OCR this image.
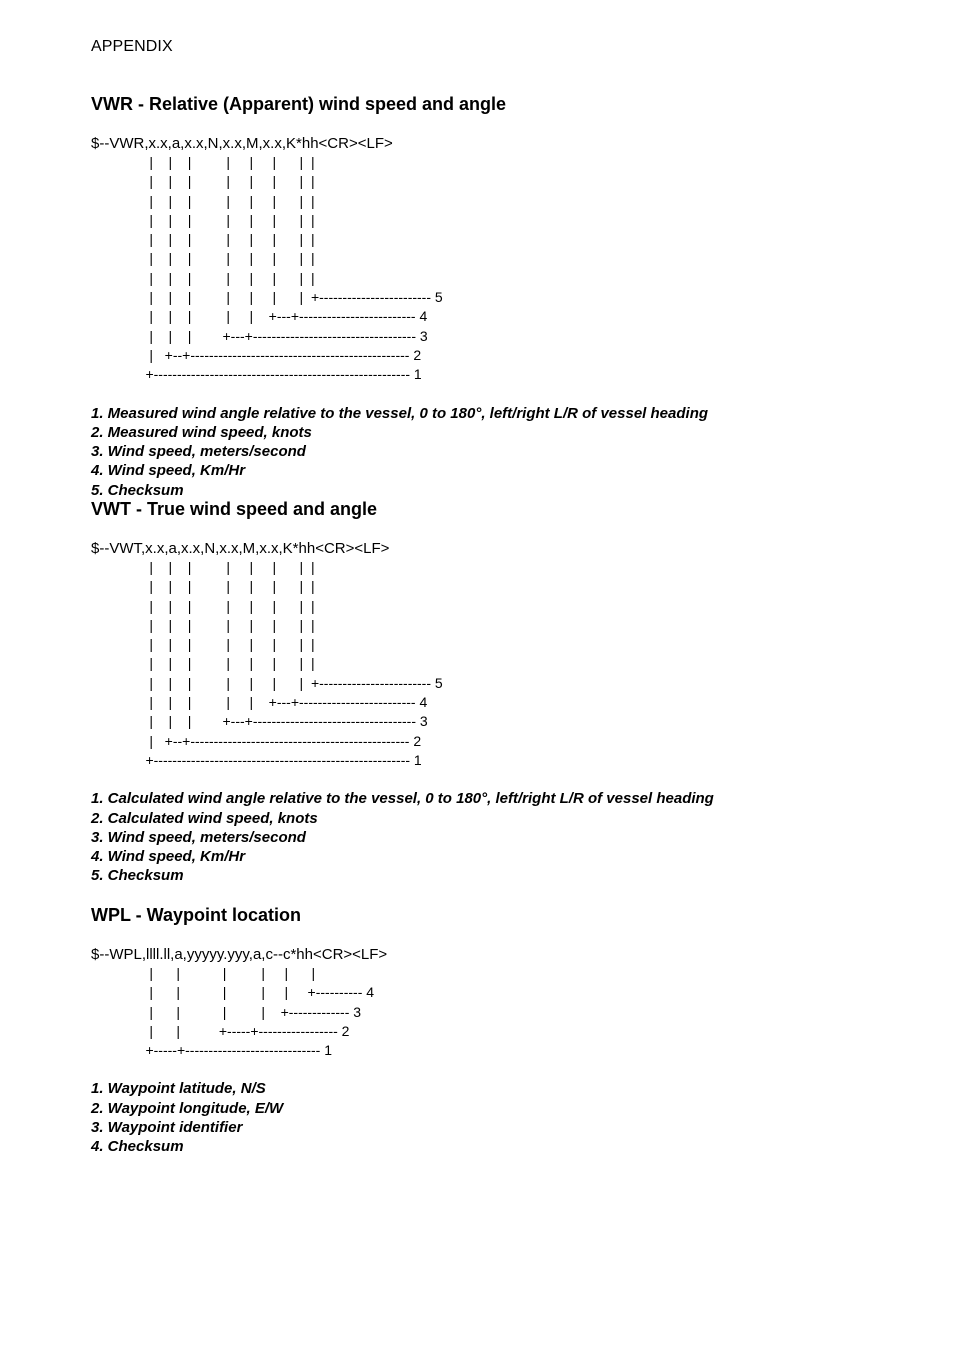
APPENDIX
VWR - Relative (Apparent) wind speed and angle
$--VWR,x.x,a,x.x,N,x.x,M,x.x,K*hh<CR><LF>
|    |    |         |     |     |      |  |
|    |    |         |     |     |      |  |
|    |    |         |     |     |      |  |
|    |    |         |     |     |      |  |
|    |    |         |     |     |      |  |
|    |    |         |     |     |      |  |
|    |    |         |     |     |      |  |
|    |    |         |     |     |      |  +------------------------ 5
|    |    |         |     |    +---+------------------------- 4
|    |    |        +---+----------------------------------- 3
|   +--+----------------------------------------------- 2
+------------------------------------------------------- 1
1. Measured wind angle relative to the vessel, 0 to 180°, left/right L/R of vessel heading
2. Measured wind speed, knots
3. Wind speed, meters/second
4. Wind speed, Km/Hr
5. Checksum
VWT - True wind speed and angle
$--VWT,x.x,a,x.x,N,x.x,M,x.x,K*hh<CR><LF>
|    |    |         |     |     |      |  |
|    |    |         |     |     |      |  |
|    |    |         |     |     |      |  |
|    |    |         |     |     |      |  |
|    |    |         |     |     |      |  |
|    |    |         |     |     |      |  |
|    |    |         |     |     |      |  +------------------------ 5
|    |    |         |     |    +---+------------------------- 4
|    |    |        +---+----------------------------------- 3
|   +--+----------------------------------------------- 2
+------------------------------------------------------- 1
1. Calculated wind angle relative to the vessel, 0 to 180°, left/right L/R of vessel heading
2. Calculated wind speed, knots
3. Wind speed, meters/second
4. Wind speed, Km/Hr
5. Checksum
WPL - Waypoint location
$--WPL,llll.ll,a,yyyyy.yyy,a,c--c*hh<CR><LF>
|      |           |         |     |      |
|      |           |         |     |     +---------- 4
|      |           |         |    +------------- 3
|      |          +-----+----------------- 2
+-----+----------------------------- 1
1. Waypoint latitude, N/S
2. Waypoint longitude, E/W
3. Waypoint identifier
4. Checksum
